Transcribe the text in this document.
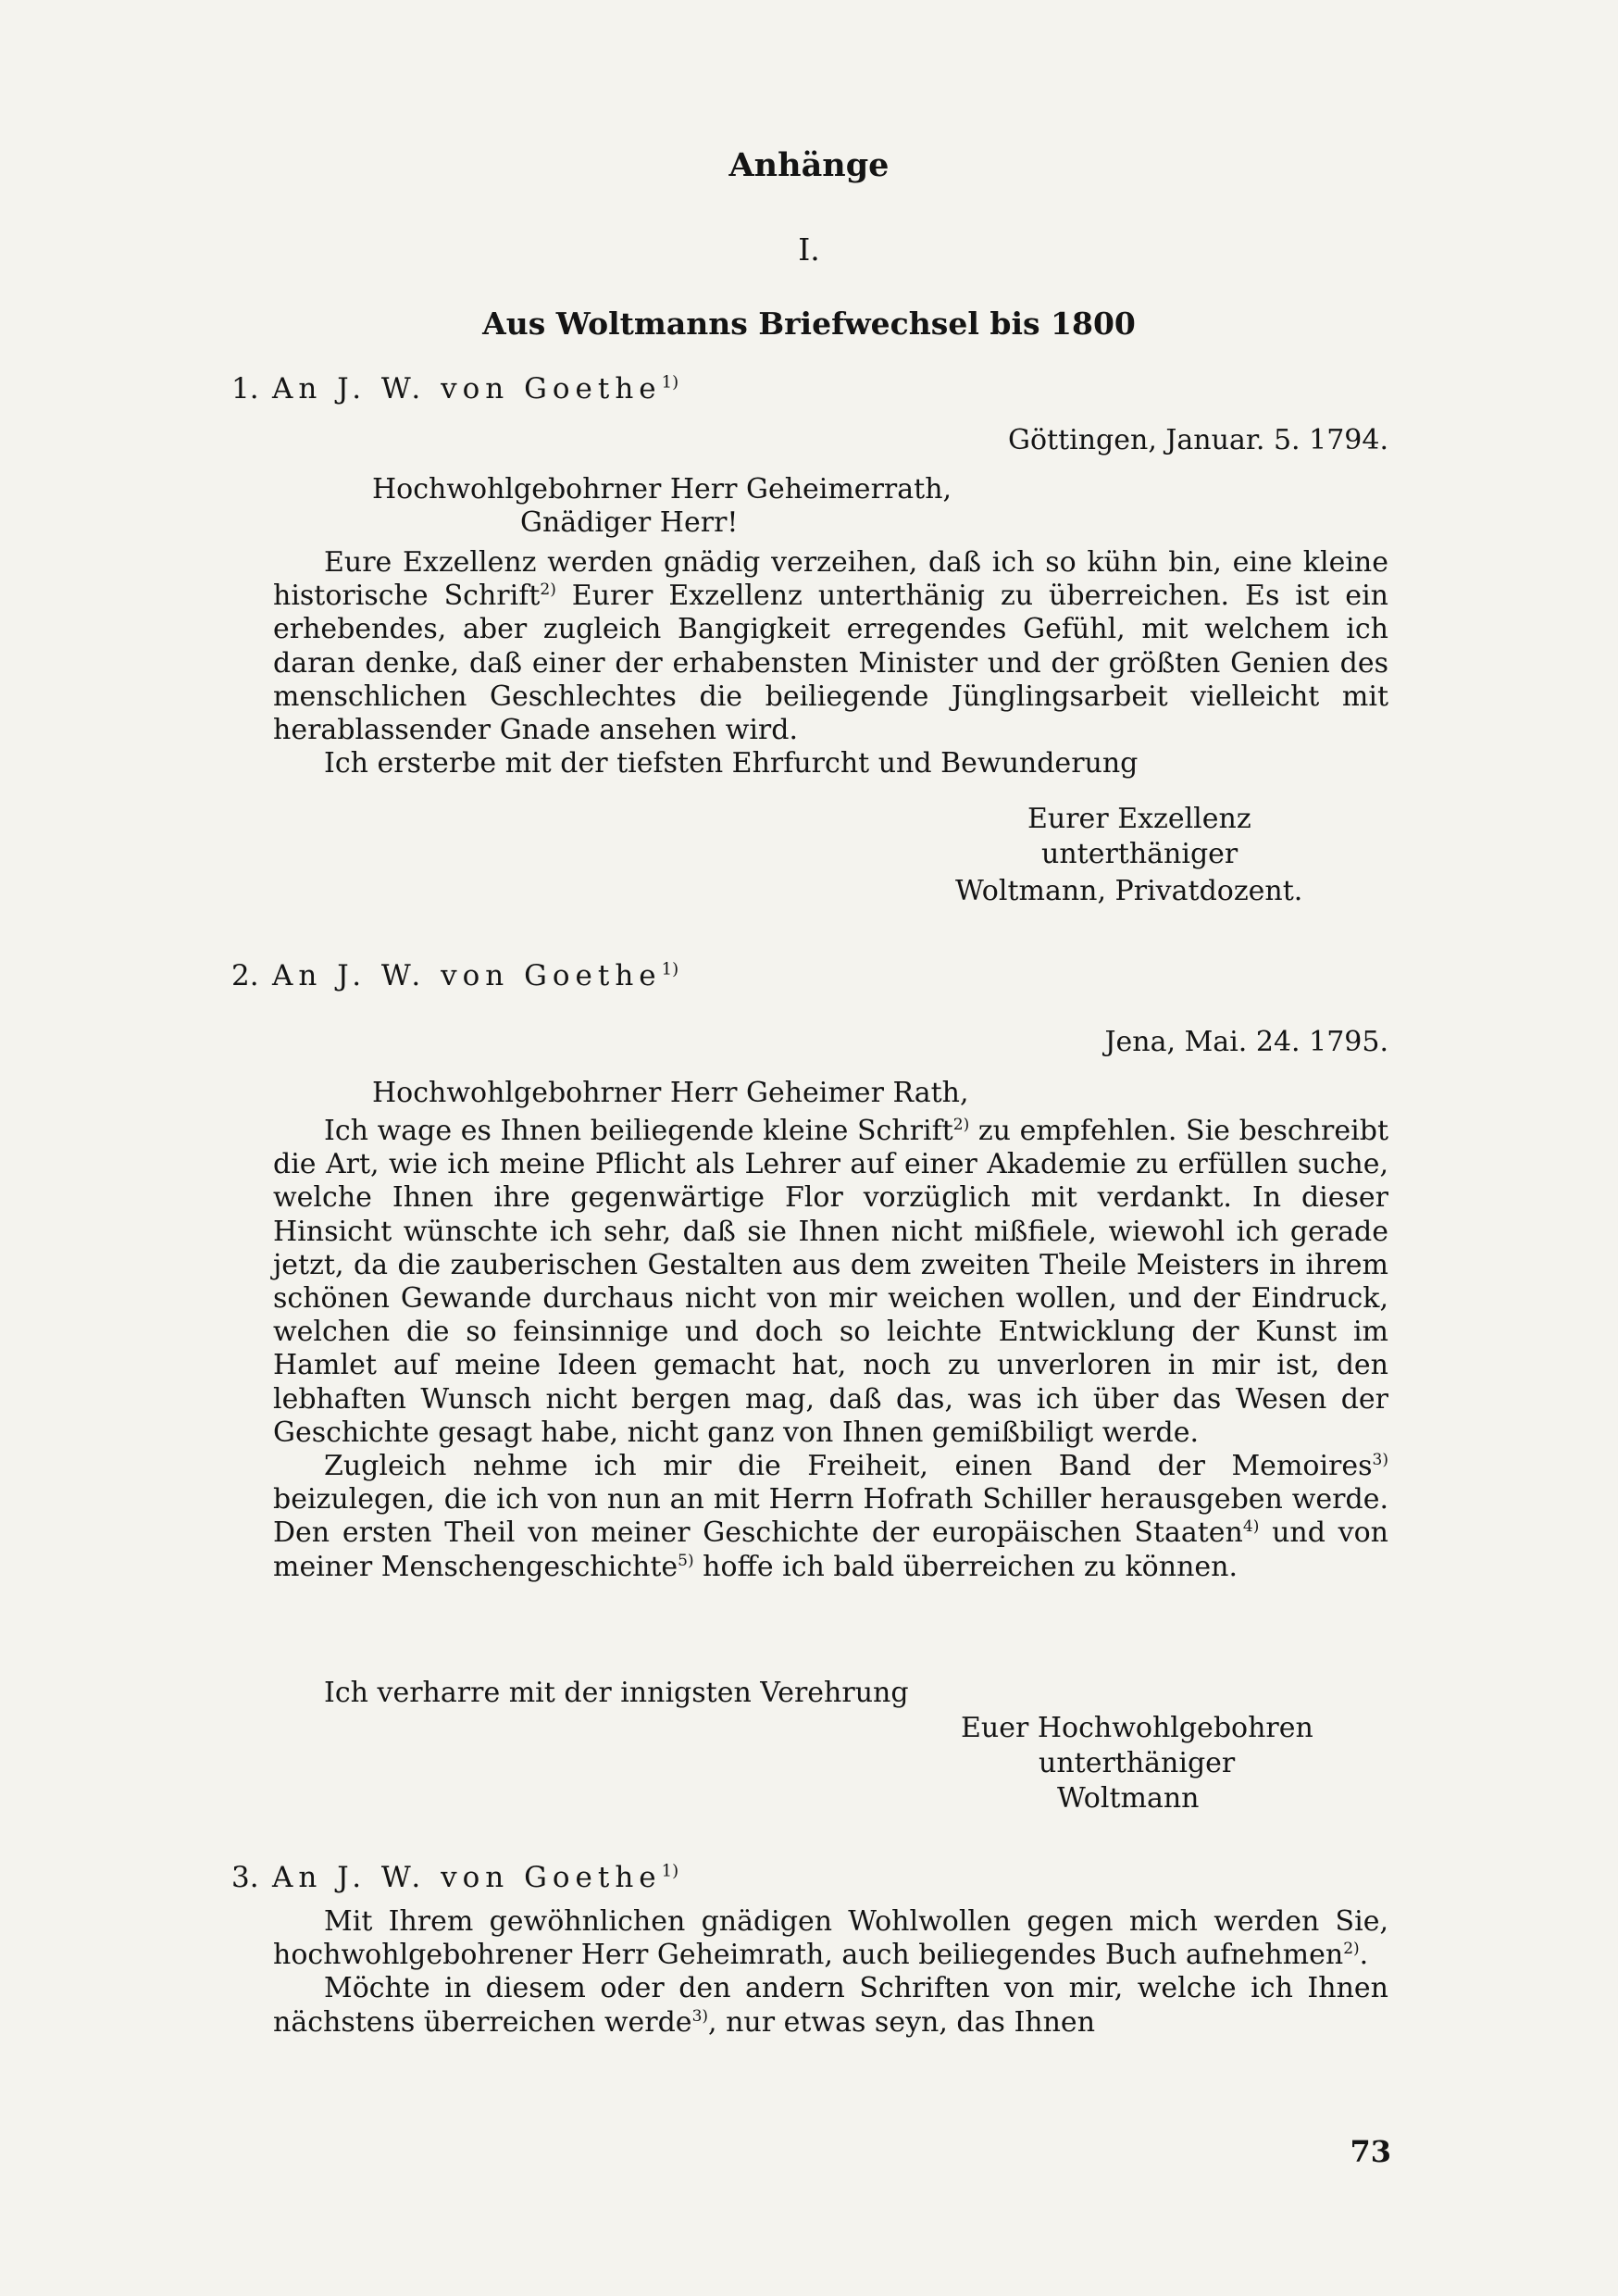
Anhänge
I.
Aus Woltmanns Briefwechsel bis 1800
1. An J. W. von Goethe$^{1)}$
Göttingen, Januar. 5. 1794.
Hochwohlgebohrner Herr Geheimerrath,
Gnädiger Herr!

Eure Exzellenz werden gnädig verzeihen, daß ich so kühn bin, eine kleine historische Schrift$^{2)}$ Eurer Exzellenz unterthänig zu überreichen. Es ist ein erhebendes, aber zugleich Bangigkeit erregendes Gefühl, mit welchem ich daran denke, daß einer der erhabensten Minister und der größten Genien des menschlichen Geschlechtes die beiliegende Jünglingsarbeit vielleicht mit herablassender Gnade ansehen wird.

Ich ersterbe mit der tiefsten Ehrfurcht und Bewunderung

Eurer Exzellenz
unterthäniger
Woltmann, Privatdozent.
2. An J. W. von Goethe$^{1)}$
Jena, Mai. 24. 1795.
Hochwohlgebohrner Herr Geheimer Rath,

Ich wage es Ihnen beiliegende kleine Schrift$^{2)}$ zu empfehlen. Sie beschreibt die Art, wie ich meine Pflicht als Lehrer auf einer Akademie zu erfüllen suche, welche Ihnen ihre gegenwärtige Flor vorzüglich mit verdankt. In dieser Hinsicht wünschte ich sehr, daß sie Ihnen nicht mißfiele, wiewohl ich gerade jetzt, da die zauberischen Gestalten aus dem zweiten Theile Meisters in ihrem schönen Gewande durchaus nicht von mir weichen wollen, und der Eindruck, welchen die so feinsinnige und doch so leichte Entwicklung der Kunst im Hamlet auf meine Ideen gemacht hat, noch zu unverloren in mir ist, den lebhaften Wunsch nicht bergen mag, daß das, was ich über das Wesen der Geschichte gesagt habe, nicht ganz von Ihnen gemißbiligt werde.

Zugleich nehme ich mir die Freiheit, einen Band der Memoires$^{3)}$ beizulegen, die ich von nun an mit Herrn Hofrath Schiller herausgeben werde. Den ersten Theil von meiner Geschichte der europäischen Staaten$^{4)}$ und von meiner Menschengeschichte$^{5)}$ hoffe ich bald überreichen zu können.

Ich verharre mit der innigsten Verehrung
Euer Hochwohlgebohren
unterthäniger
Woltmann
3. An J. W. von Goethe$^{1)}$

Mit Ihrem gewöhnlichen gnädigen Wohlwollen gegen mich werden Sie, hochwohlgebohrener Herr Geheimrath, auch beiliegendes Buch aufnehmen$^{2)}$.

Möchte in diesem oder den andern Schriften von mir, welche ich Ihnen nächstens überreichen werde$^{3)}$, nur etwas seyn, das Ihnen

73
